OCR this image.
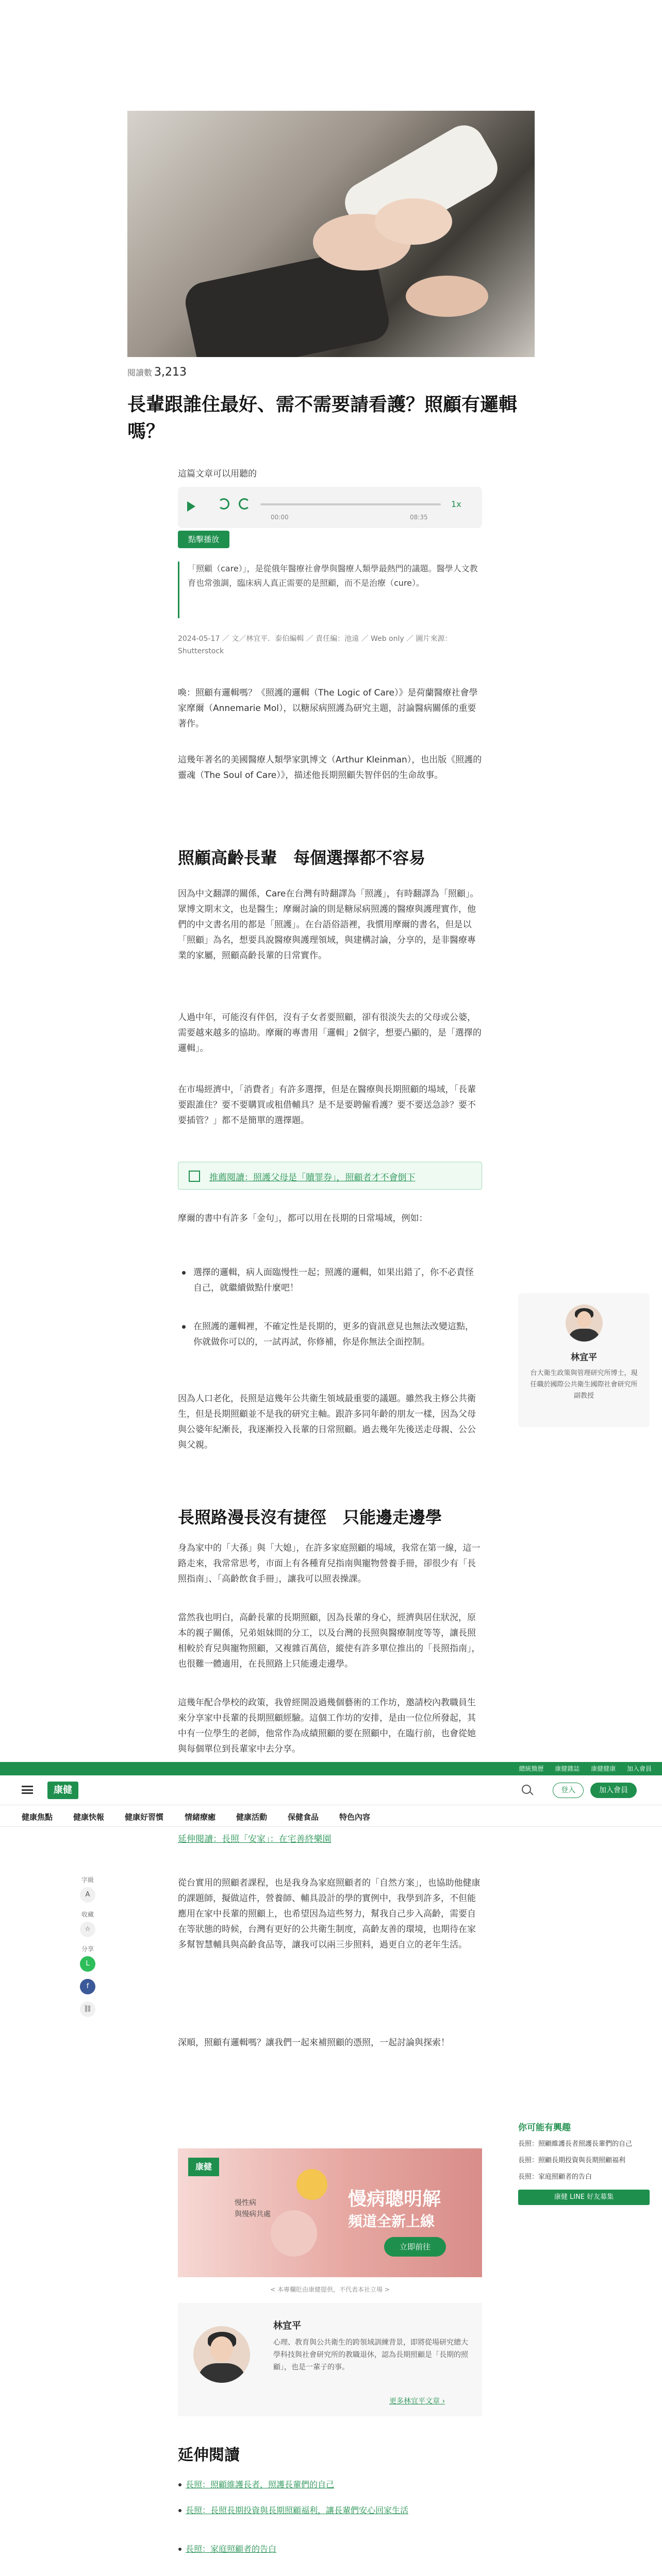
閱讀數 3,213
長輩跟誰住最好、需不需要請看護？照顧有邏輯嗎？
這篇文章可以用聽的
00:00	08:35
1x
點擊播放
「照顧（care）」，是從俄年醫療社會學與醫療人類學最熱門的議題。醫學人文教育也常強調，臨床病人真正需要的是照顧，而不是治療（cure）。
2024-05-17 ／ 文／林宜平．泰伯編輯 ／ 責任編：池遠 ／ Web only ／ 圖片來源：Shutterstock
喚：照顧有邏輯嗎？《照護的邏輯（The Logic of Care）》是荷蘭醫療社會學家摩爾（Annemarie Mol），以糖尿病照護為研究主題，討論醫病關係的重要著作。
這幾年著名的美國醫療人類學家凱博文（Arthur Kleinman），也出版《照護的靈魂（The Soul of Care）》，描述他長期照顧失智伴侶的生命故事。
照顧高齡長輩　每個選擇都不容易
因為中文翻譯的關係，Care在台灣有時翻譯為「照護」，有時翻譯為「照顧」。眾博文期末文，也是醫生；摩爾討論的則是糖尿病照護的醫療與護理實作，他們的中文書名用的都是「照護」。在台語俗語裡，我慣用摩爾的書名，但是以「照顧」為名，想要具說醫療與護理領域，與建構討論，分享的，是非醫療專業的家屬，照顧高齡長輩的日常實作。
人過中年，可能沒有伴侶，沒有子女者要照顧，卻有很淡失去的父母或公婆，需要越來越多的協助。摩爾的專書用「邏輯」2個字，想要凸顯的，是「選擇的邏輯」。
在市場經濟中，「消費者」有許多選擇，但是在醫療與長期照顧的場域，「長輩要跟誰住？要不要購買或租借輔具？是不是要聘僱看護？要不要送急診？要不要插管？」都不是簡單的選擇題。
推薦閱讀：照護父母是「贖罪券」，照顧者才不會倒下
摩爾的書中有許多「金句」，都可以用在長期的日常場域，例如：
選擇的邏輯，病人面臨慢性一起；照護的邏輯，如果出錯了，你不必責怪自己，就繼續做點什麼吧！
在照護的邏輯裡，不確定性是長期的，更多的資訊意見也無法改變這點，你就做你可以的，一試再試，你修補，你是你無法全面控制。
因為人口老化，長照是這幾年公共衛生領域最重要的議題。雖然我主修公共衛生，但是長期照顧並不是我的研究主軸。跟許多同年齡的朋友一樣，因為父母與公婆年紀漸長，我逐漸投入長輩的日常照顧。過去幾年先後送走母親、公公與父親。
林宜平
台大衛生政策與管理研究所博士，現任職於國際公共衛生國際社會研究所副教授
長照路漫長沒有捷徑　只能邊走邊學
身為家中的「大孫」與「大媳」，在許多家庭照顧的場域，我常在第一線，這一路走來，我常常思考，市面上有各種育兒指南與寵物營養手冊，卻很少有「長照指南」、「高齡飲食手冊」，讓我可以照表操課。
當然我也明白，高齡長輩的長期照顧，因為長輩的身心，經濟與居住狀況，原本的親子關係，兄弟姐妹間的分工，以及台灣的長照與醫療制度等等，讓長照相較於育兒與寵物照顧，又複雜百萬倍，縱使有許多單位推出的「長照指南」，也很難一體適用，在長照路上只能邊走邊學。
這幾年配合學校的政策，我曾經開設過幾個藝術的工作坊，邀請校內教職員生來分享家中長輩的長期照顧經驗。這個工作坊的安排，是由一位位所發起，其中有一位學生的老師，他常作為成績照顧的要在照顧中，在臨行前，也會從她與每個單位到長輩家中去分享。
總統簡歷 康健雜誌 康健健康 加入會員
康健	登入	加入會員
健康焦點	健康快報	健康好習慣	情緒療癒	健康活動	保健食品	特色內容
延伸閱讀：長照「安家」：在宅善終樂園
字級
A
收藏
☆
分享
L
f
⛓
從台實用的照顧者課程，也是我身為家庭照顧者的「自然方案」，也協助他健康的課題師，擬做這件，營養師、輔具設計的學的實例中，我學到許多，不但能應用在家中長輩的照顧上，也希望因為這些努力，幫我自己步入高齡，需要自在等狀態的時候，台灣有更好的公共衛生制度，高齡友善的環境，也期待在家多幫智慧輔具與高齡食品等，讓我可以兩三步照料，過更自立的老年生活。
深順，照顧有邏輯嗎？讓我們一起來補照顧的憑照，一起討論與探索！
康健
慢性病
與慢病共處
慢病聰明解
頻道全新上線
立即前往
< 本專欄貶由康健提供，不代表本社立場 >
你可能有興趣
長照：照顧維護長者照護長輩們的自己
長照：照顧長期投資與長期照顧福利
長照：家庭照顧者的告白
康健 LINE 好友募集
林宜平
心理、教育與公共衛生的跨領域訓練背景，即將從場研究總大學科技與社會研究所的教職退休，認為長期照顧是「長期的照顧」，也是一輩子的事。
更多林宜平文章 ›
延伸閱讀
長照：照顧維護長者，照護長輩們的自己
長照：長照長期投資與長期照顧福利，讓長輩們安心回家生活
長照：家庭照顧者的告白
